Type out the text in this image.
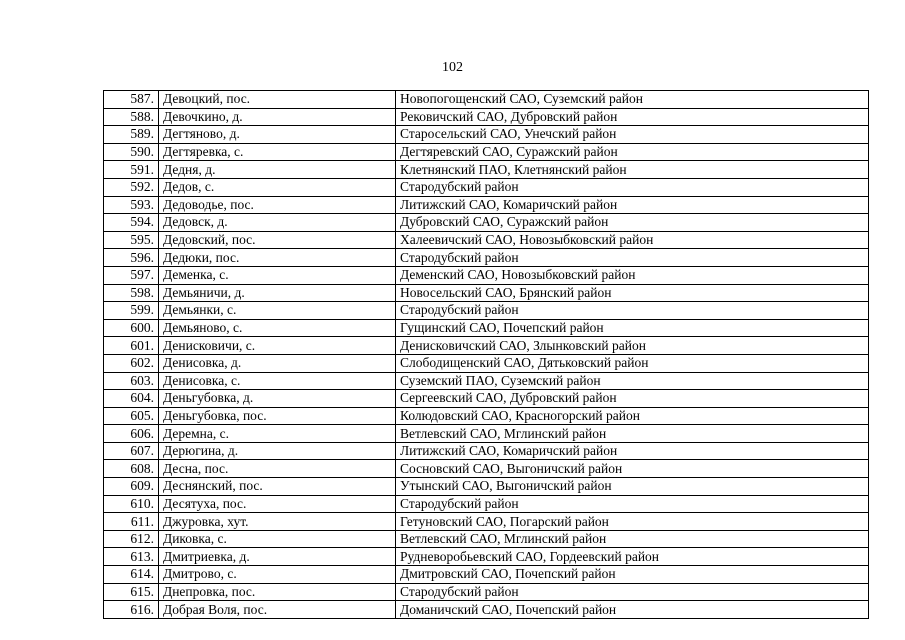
102
587.	Девоцкий, пос.	Новопогощенский САО, Суземский район
588.	Девочкино, д.	Рековичский САО, Дубровский район
589.	Дегтяново, д.	Старосельский САО, Унечский район
590.	Дегтяревка, с.	Дегтяревский САО, Суражский район
591.	Дедня, д.	Клетнянский ПАО, Клетнянский район
592.	Дедов, с.	Стародубский район
593.	Дедоводье, пос.	Литижский САО, Комаричский район
594.	Дедовск, д.	Дубровский САО, Суражский район
595.	Дедовский, пос.	Халеевичский САО, Новозыбковский район
596.	Дедюки, пос.	Стародубский район
597.	Деменка, с.	Деменский САО, Новозыбковский район
598.	Демьяничи, д.	Новосельский САО, Брянский район
599.	Демьянки, с.	Стародубский район
600.	Демьяново, с.	Гущинский САО, Почепский район
601.	Денисковичи, с.	Денисковичский САО, Злынковский район
602.	Денисовка, д.	Слободищенский САО, Дятьковский район
603.	Денисовка, с.	Суземский ПАО, Суземский район
604.	Деньгубовка, д.	Сергеевский САО, Дубровский район
605.	Деньгубовка, пос.	Колюдовский САО, Красногорский район
606.	Деремна, с.	Ветлевский САО, Мглинский район
607.	Дерюгина, д.	Литижский САО, Комаричский район
608.	Десна, пос.	Сосновский САО, Выгоничский район
609.	Деснянский, пос.	Утынский САО, Выгоничский район
610.	Десятуха, пос.	Стародубский район
611.	Джуровка, хут.	Гетуновский САО, Погарский район
612.	Диковка, с.	Ветлевский САО, Мглинский район
613.	Дмитриевка, д.	Рудневоробьевский САО, Гордеевский район
614.	Дмитрово, с.	Дмитровский САО, Почепский район
615.	Днепровка, пос.	Стародубский район
616.	Добрая Воля, пос.	Доманичский САО, Почепский район
